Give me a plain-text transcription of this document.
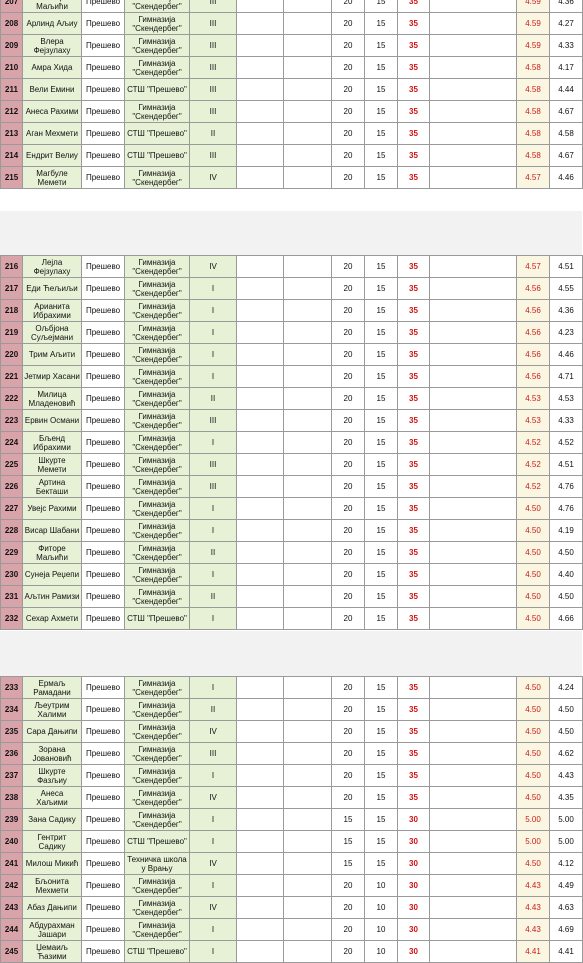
207	Маљићи	Прешево	"Скендербег"	III			20	15	35		4.59	4.36
208	Арлинд Аљиу	Прешево	Гимназија "Скендербег"	III			20	15	35		4.59	4.27
209	Влера Фејзулаху	Прешево	Гимназија "Скендербег"	III			20	15	35		4.59	4.33
210	Амра Хида	Прешево	Гимназија "Скендербег"	III			20	15	35		4.58	4.17
211	Вели Емини	Прешево	СТШ "Прешево"	III			20	15	35		4.58	4.44
212	Анеса Рахими	Прешево	Гимназија "Скендербег"	III			20	15	35		4.58	4.67
213	Аган Мехмети	Прешево	СТШ "Прешево"	II			20	15	35		4.58	4.58
214	Ендрит Велиу	Прешево	СТШ "Прешево"	III			20	15	35		4.58	4.67
215	Магбуле Мемети	Прешево	Гимназија "Скендербег"	IV			20	15	35		4.57	4.46
216	Лејла Фејзулаху	Прешево	Гимназија "Скендербег"	IV			20	15	35		4.57	4.51
217	Еди Ћељиљи	Прешево	Гимназија "Скендербег"	I			20	15	35		4.56	4.55
218	Арианита Ибрахими	Прешево	Гимназија "Скендербег"	I			20	15	35		4.56	4.36
219	Ољбјона Суљејмани	Прешево	Гимназија "Скендербег"	I			20	15	35		4.56	4.23
220	Трим Аљити	Прешево	Гимназија "Скендербег"	I			20	15	35		4.56	4.46
221	Јетмир Хасани	Прешево	Гимназија "Скендербег"	I			20	15	35		4.56	4.71
222	Милица Младеновић	Прешево	Гимназија "Скендербег"	II			20	15	35		4.53	4.53
223	Ервин Османи	Прешево	Гимназија "Скендербег"	III			20	15	35		4.53	4.33
224	Бљенд Ибрахими	Прешево	Гимназија "Скендербег"	I			20	15	35		4.52	4.52
225	Шкурте Мемети	Прешево	Гимназија "Скендербег"	III			20	15	35		4.52	4.51
226	Артина Бекташи	Прешево	Гимназија "Скендербег"	III			20	15	35		4.52	4.76
227	Увејс Рахими	Прешево	Гимназија "Скендербег"	I			20	15	35		4.50	4.76
228	Висар Шабани	Прешево	Гимназија "Скендербег"	I			20	15	35		4.50	4.19
229	Фиторе Маљићи	Прешево	Гимназија "Скендербег"	II			20	15	35		4.50	4.50
230	Сунеја Реџепи	Прешево	Гимназија "Скендербег"	I			20	15	35		4.50	4.40
231	Аљтин Рамизи	Прешево	Гимназија "Скендербег"	II			20	15	35		4.50	4.50
232	Сехар Ахмети	Прешево	СТШ "Прешево"	I			20	15	35		4.50	4.66
233	Ермаљ Рамадани	Прешево	Гимназија "Скендербег"	I			20	15	35		4.50	4.24
234	Љеутрим Халими	Прешево	Гимназија "Скендербег"	II			20	15	35		4.50	4.50
235	Сара Дањипи	Прешево	Гимназија "Скендербег"	IV			20	15	35		4.50	4.50
236	Зорана Јовановић	Прешево	Гимназија "Скендербег"	III			20	15	35		4.50	4.62
237	Шкурте Фазљиу	Прешево	Гимназија "Скендербег"	I			20	15	35		4.50	4.43
238	Анеса Хаљими	Прешево	Гимназија "Скендербег"	IV			20	15	35		4.50	4.35
239	Зана Садику	Прешево	Гимназија "Скендербег"	I			15	15	30		5.00	5.00
240	Гентрит Садику	Прешево	СТШ "Прешево"	I			15	15	30		5.00	5.00
241	Милош Микић	Прешево	Техничка школа у Врању	IV			15	15	30		4.50	4.12
242	Бљонита Мехмети	Прешево	Гимназија "Скендербег"	I			20	10	30		4.43	4.49
243	Абаз Дањипи	Прешево	Гимназија "Скендербег"	IV			20	10	30		4.43	4.63
244	Абдурахман Јашари	Прешево	Гимназија "Скендербег"	I			20	10	30		4.43	4.69
245	Џемаиљ Ћазими	Прешево	СТШ "Прешево"	I			20	10	30		4.41	4.41
